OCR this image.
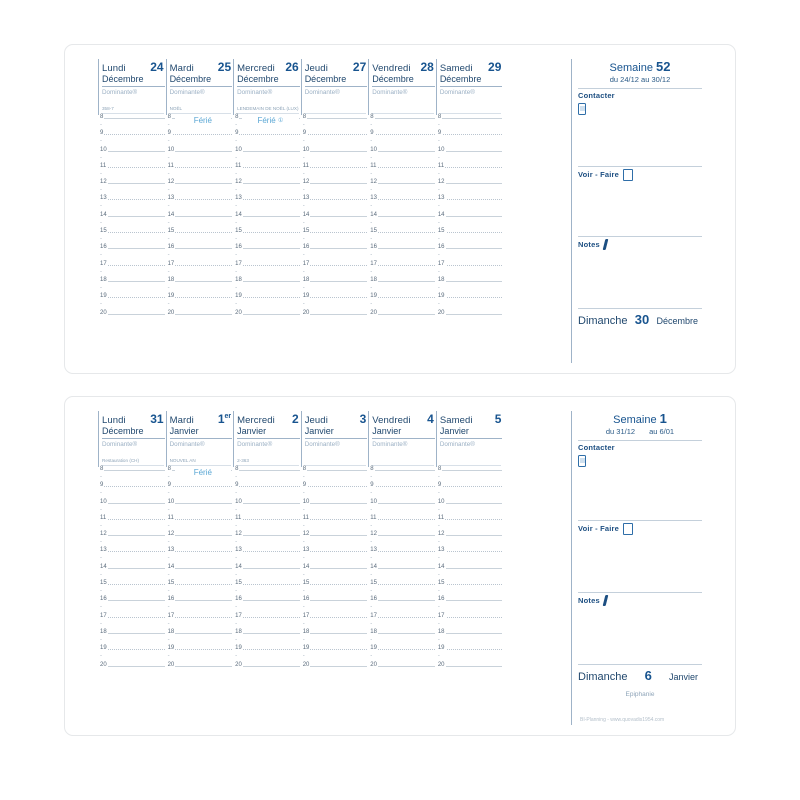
Lundi 24
Décembre
Dominante®
358-7
8
-
9
-
10
-
11
-
12
-
13
-
14
-
15
-
16
-
17
-
18
-
19
-
20
Mardi 25
Décembre
Dominante®
NOËL
8
-
9
-
10
-
11
-
12
-
13
-
14
-
15
-
16
-
17
-
18
-
19
-
20
Férié
Mercredi 26
Décembre
Dominante®
LENDEMAIN DE NOËL (LUX)
8
-
9
-
10
-
11
-
12
-
13
-
14
-
15
-
16
-
17
-
18
-
19
-
20
Férié ①
Jeudi 27
Décembre
Dominante®
8
-
9
-
10
-
11
-
12
-
13
-
14
-
15
-
16
-
17
-
18
-
19
-
20
Vendredi 28
Décembre
Dominante®
8
-
9
-
10
-
11
-
12
-
13
-
14
-
15
-
16
-
17
-
18
-
19
-
20
Samedi 29
Décembre
Dominante®
8
-
9
-
10
-
11
-
12
-
13
-
14
-
15
-
16
-
17
-
18
-
19
-
20
Semaine 52
du 24/12 au 30/12
Contacter
Voir - Faire
Notes
Dimanche 30 Décembre
Lundi 31
Décembre
Dominante®
Restauration (CH)
8
-
9
-
10
-
11
-
12
-
13
-
14
-
15
-
16
-
17
-
18
-
19
-
20
Mardi 1er
Janvier
Dominante®
NOUVEL AN
8
-
9
-
10
-
11
-
12
-
13
-
14
-
15
-
16
-
17
-
18
-
19
-
20
Férié
Mercredi 2
Janvier
Dominante®
2-363
8
-
9
-
10
-
11
-
12
-
13
-
14
-
15
-
16
-
17
-
18
-
19
-
20
Jeudi	3
Janvier
Dominante®
8
-
9
-
10
-
11
-
12
-
13
-
14
-
15
-
16
-
17
-
18
-
19
-
20
Vendredi 4
Janvier
Dominante®
8
-
9
-
10
-
11
-
12
-
13
-
14
-
15
-
16
-
17
-
18
-
19
-
20
Samedi 5
Janvier
Dominante®
8
-
9
-
10
-
11
-
12
-
13
-
14
-
15
-
16
-
17
-
18
-
19
-
20
Semaine 1
du 31/12 au 6/01
Contacter
Voir - Faire
Notes
Dimanche 6 Janvier
Epiphanie
BI-Planning - www.quovadis1954.com
